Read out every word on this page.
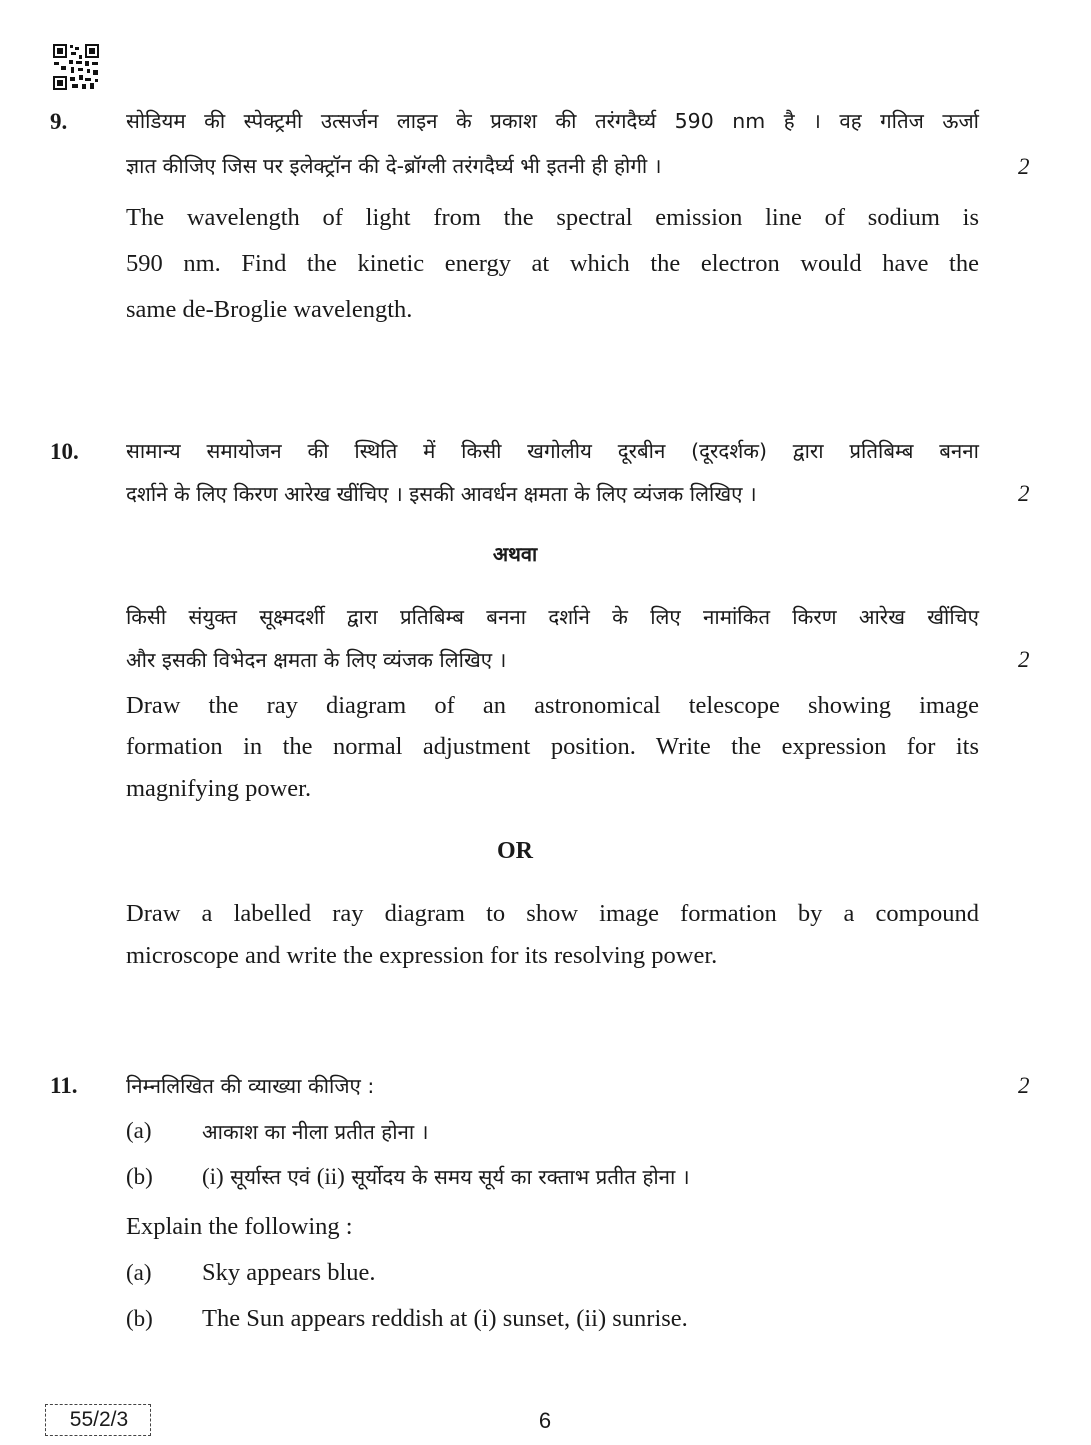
9.	सोडियम की स्पेक्ट्रमी उत्सर्जन लाइन के प्रकाश की तरंगदैर्घ्य 590 nm है । वह गतिज ऊर्जा
ज्ञात कीजिए जिस पर इलेक्ट्रॉन की दे-ब्रॉग्ली तरंगदैर्घ्य भी इतनी ही होगी ।	2
The wavelength of light from the spectral emission line of sodium is
590 nm. Find the kinetic energy at which the electron would have the
same de-Broglie wavelength.
10. सामान्य समायोजन की स्थिति में किसी खगोलीय दूरबीन (दूरदर्शक) द्वारा प्रतिबिम्ब बनना
दर्शाने के लिए किरण आरेख खींचिए । इसकी आवर्धन क्षमता के लिए व्यंजक लिखिए ।	2
अथवा
किसी संयुक्त सूक्ष्मदर्शी द्वारा प्रतिबिम्ब बनना दर्शाने के लिए नामांकित किरण आरेख खींचिए
और इसकी विभेदन क्षमता के लिए व्यंजक लिखिए ।	2
Draw the ray diagram of an astronomical telescope showing image
formation in the normal adjustment position. Write the expression for its
magnifying power.
OR
Draw a labelled ray diagram to show image formation by a compound
microscope and write the expression for its resolving power.
11. निम्नलिखित की व्याख्या कीजिए :	2
(a) आकाश का नीला प्रतीत होना ।
(b) (i) सूर्यास्त एवं (ii) सूर्योदय के समय सूर्य का रक्ताभ प्रतीत होना ।
Explain the following :
(a) Sky appears blue.
(b) The Sun appears reddish at (i) sunset, (ii) sunrise.
55/2/3	6
